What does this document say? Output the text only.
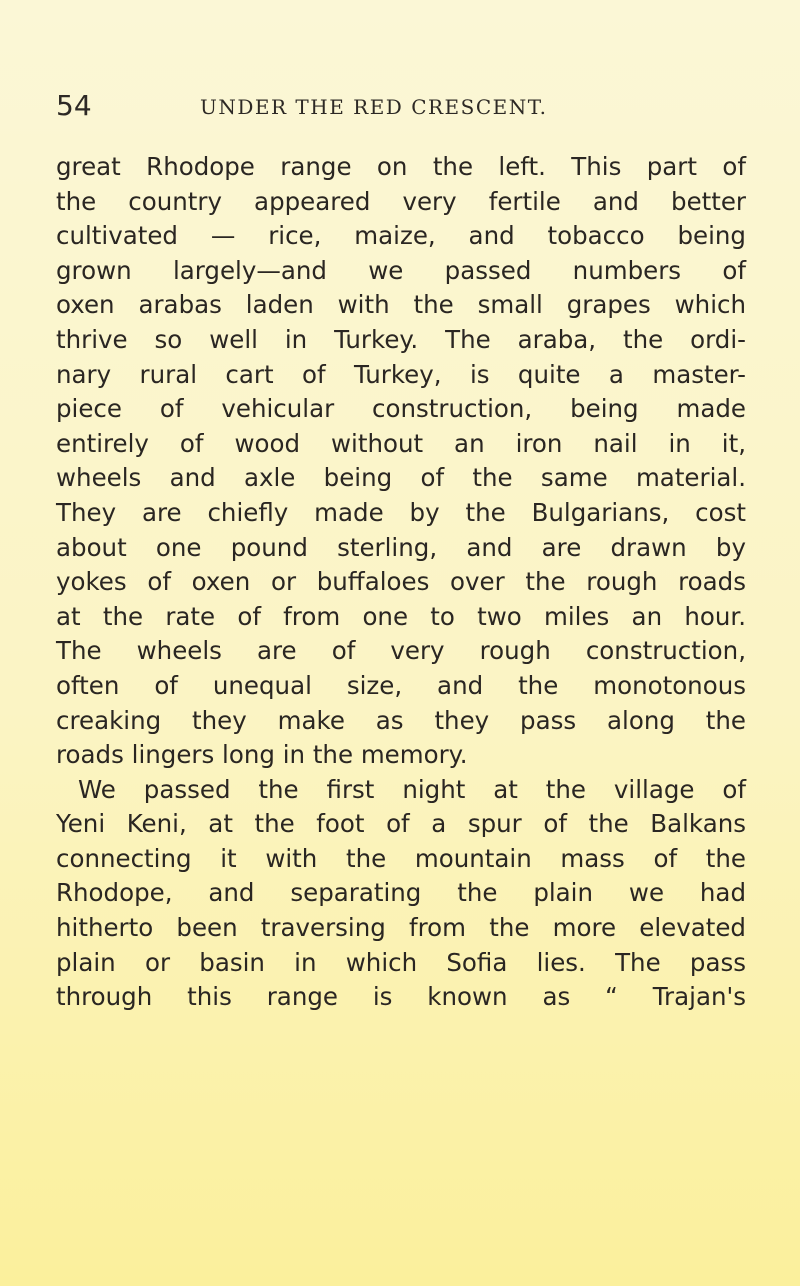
54	UNDER THE RED CRESCENT.
great Rhodope range on the left. This part of
the country appeared very fertile and better
cultivated — rice, maize, and tobacco being
grown largely—and we passed numbers of
oxen arabas laden with the small grapes which
thrive so well in Turkey. The araba, the ordi-
nary rural cart of Turkey, is quite a master-
piece of vehicular construction, being made
entirely of wood without an iron nail in it,
wheels and axle being of the same material.
They are chiefly made by the Bulgarians, cost
about one pound sterling, and are drawn by
yokes of oxen or buffaloes over the rough roads
at the rate of from one to two miles an hour.
The wheels are of very rough construction,
often of unequal size, and the monotonous
creaking they make as they pass along the
roads lingers long in the memory.
We passed the first night at the village of
Yeni Keni, at the foot of a spur of the Balkans
connecting it with the mountain mass of the
Rhodope, and separating the plain we had
hitherto been traversing from the more elevated
plain or basin in which Sofia lies. The pass
through this range is known as “ Trajan's
